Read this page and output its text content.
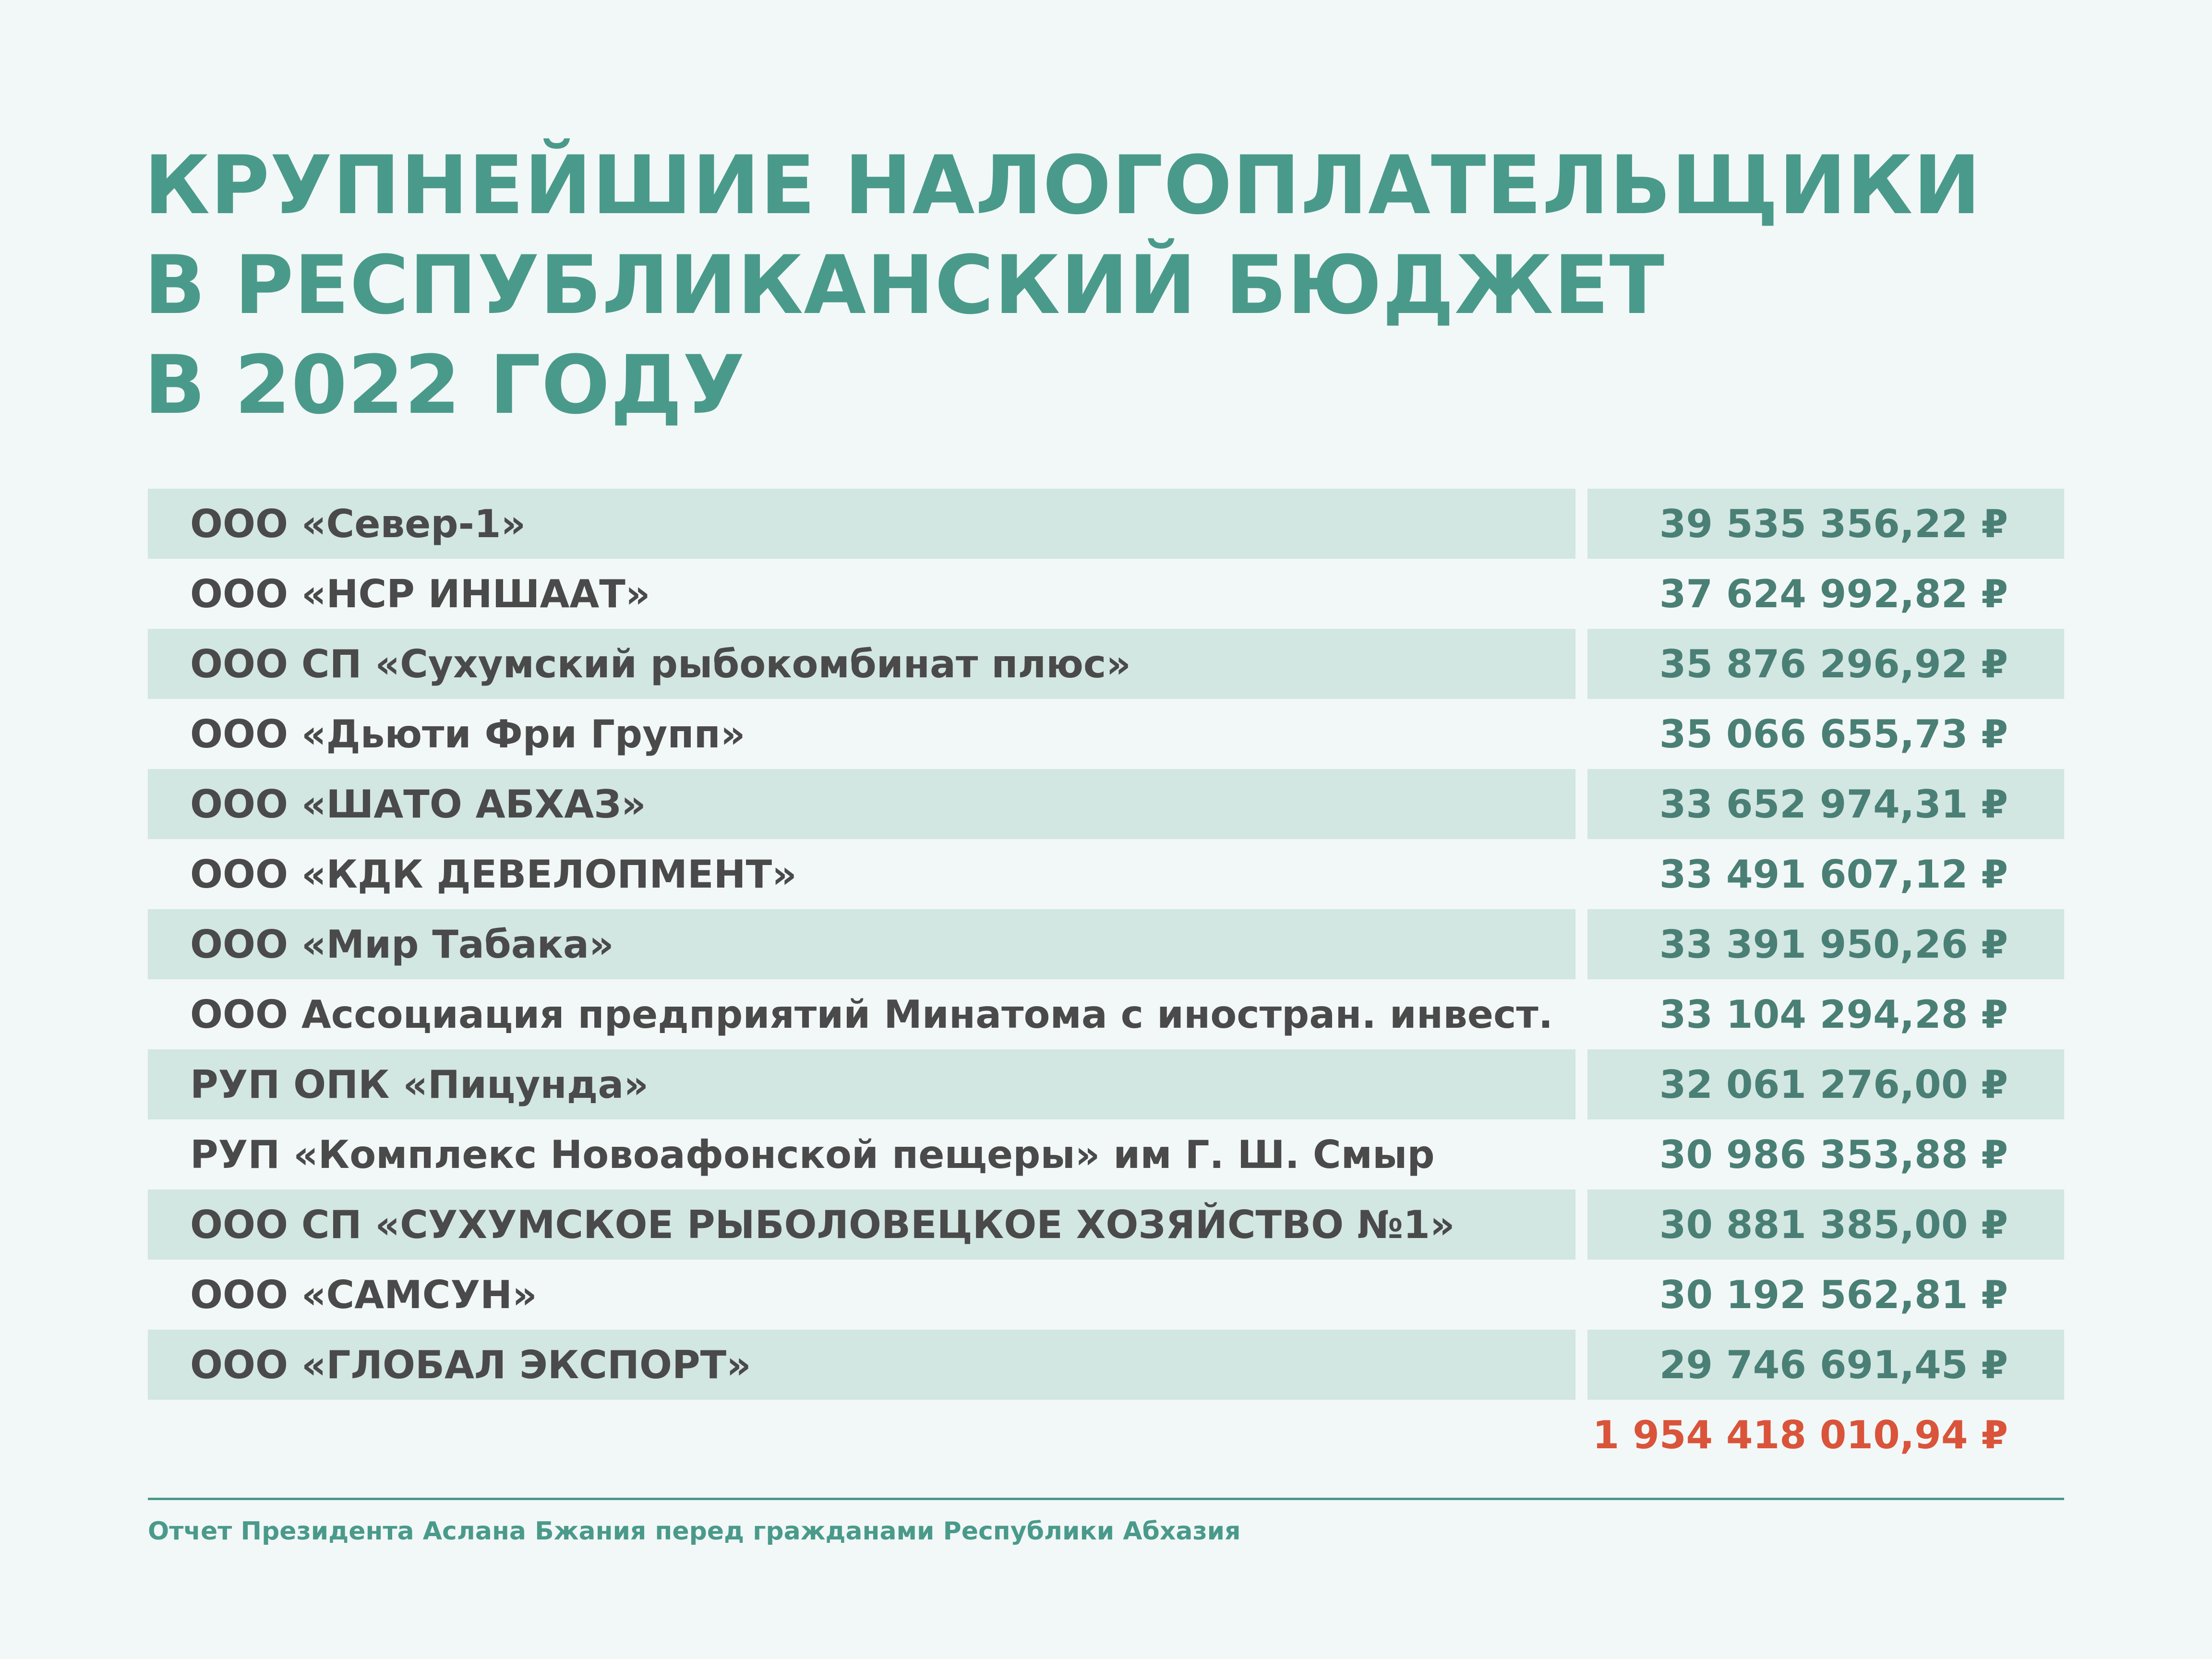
КРУПНЕЙШИЕ НАЛОГОПЛАТЕЛЬЩИКИ
В РЕСПУБЛИКАНСКИЙ БЮДЖЕТ
В 2022 ГОДУ
ООО «Север-1»	39 535 356,22 ₽
ООО «НСР ИНШААТ»	37 624 992,82 ₽
ООО СП «Сухумский рыбокомбинат плюс»	35 876 296,92 ₽
ООО «Дьюти Фри Групп»	35 066 655,73 ₽
ООО «ШАТО АБХАЗ»	33 652 974,31 ₽
ООО «КДК ДЕВЕЛОПМЕНТ»	33 491 607,12 ₽
ООО «Мир Табака»	33 391 950,26 ₽
ООО Ассоциация предприятий Минатома с иностран. инвест.	33 104 294,28 ₽
РУП ОПК «Пицунда»	32 061 276,00 ₽
РУП «Комплекс Новоафонской пещеры» им Г. Ш. Смыр	30 986 353,88 ₽
ООО СП «СУХУМСКОЕ РЫБОЛОВЕЦКОЕ ХОЗЯЙСТВО №1»	30 881 385,00 ₽
ООО «САМСУН»	30 192 562,81 ₽
ООО «ГЛОБАЛ ЭКСПОРТ»	29 746 691,45 ₽
1 954 418 010,94 ₽
Отчет Президента Аслана Бжания перед гражданами Республики Абхазия
